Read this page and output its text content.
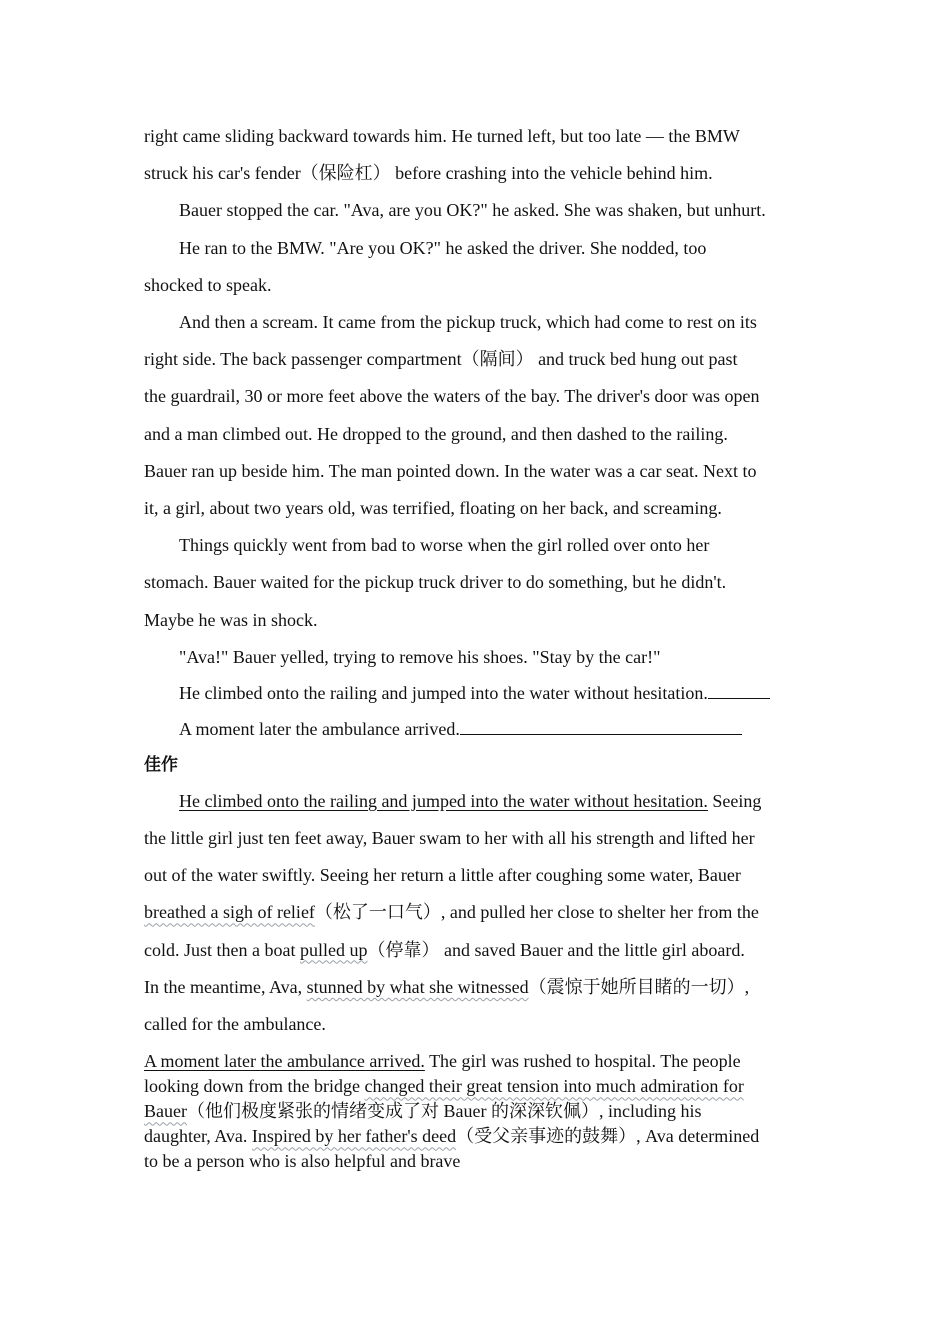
right came sliding backward towards him. He turned left, but too late — the BMW
struck his car's fender（保险杠） before crashing into the vehicle behind him.

Bauer stopped the car. "Ava, are you OK?" he asked. She was shaken, but unhurt.

He ran to the BMW. "Are you OK?" he asked the driver. She nodded, too
shocked to speak.

And then a scream. It came from the pickup truck, which had come to rest on its
right side. The back passenger compartment（隔间） and truck bed hung out past
the guardrail, 30 or more feet above the waters of the bay. The driver's door was open
and a man climbed out. He dropped to the ground, and then dashed to the railing.
Bauer ran up beside him. The man pointed down. In the water was a car seat. Next to
it, a girl, about two years old, was terrified, floating on her back, and screaming.

Things quickly went from bad to worse when the girl rolled over onto her
stomach. Bauer waited for the pickup truck driver to do something, but he didn't.
Maybe he was in shock.

"Ava!" Bauer yelled, trying to remove his shoes. "Stay by the car!"

He climbed onto the railing and jumped into the water without hesitation.

A moment later the ambulance arrived.

佳作

He climbed onto the railing and jumped into the water without hesitation. Seeing
the little girl just ten feet away, Bauer swam to her with all his strength and lifted her
out of the water swiftly. Seeing her return a little after coughing some water, Bauer
breathed a sigh of relief（松了一口气）, and pulled her close to shelter her from the
cold. Just then a boat pulled up（停靠） and saved Bauer and the little girl aboard.
In the meantime, Ava, stunned by what she witnessed（震惊于她所目睹的一切）,
called for the ambulance.

A moment later the ambulance arrived. The girl was rushed to hospital. The people
looking down from the bridge changed their great tension into much admiration for
Bauer（他们极度紧张的情绪变成了对 Bauer 的深深钦佩）, including his
daughter, Ava. Inspired by her father's deed（受父亲事迹的鼓舞）, Ava determined
to be a person who is also helpful and brave
